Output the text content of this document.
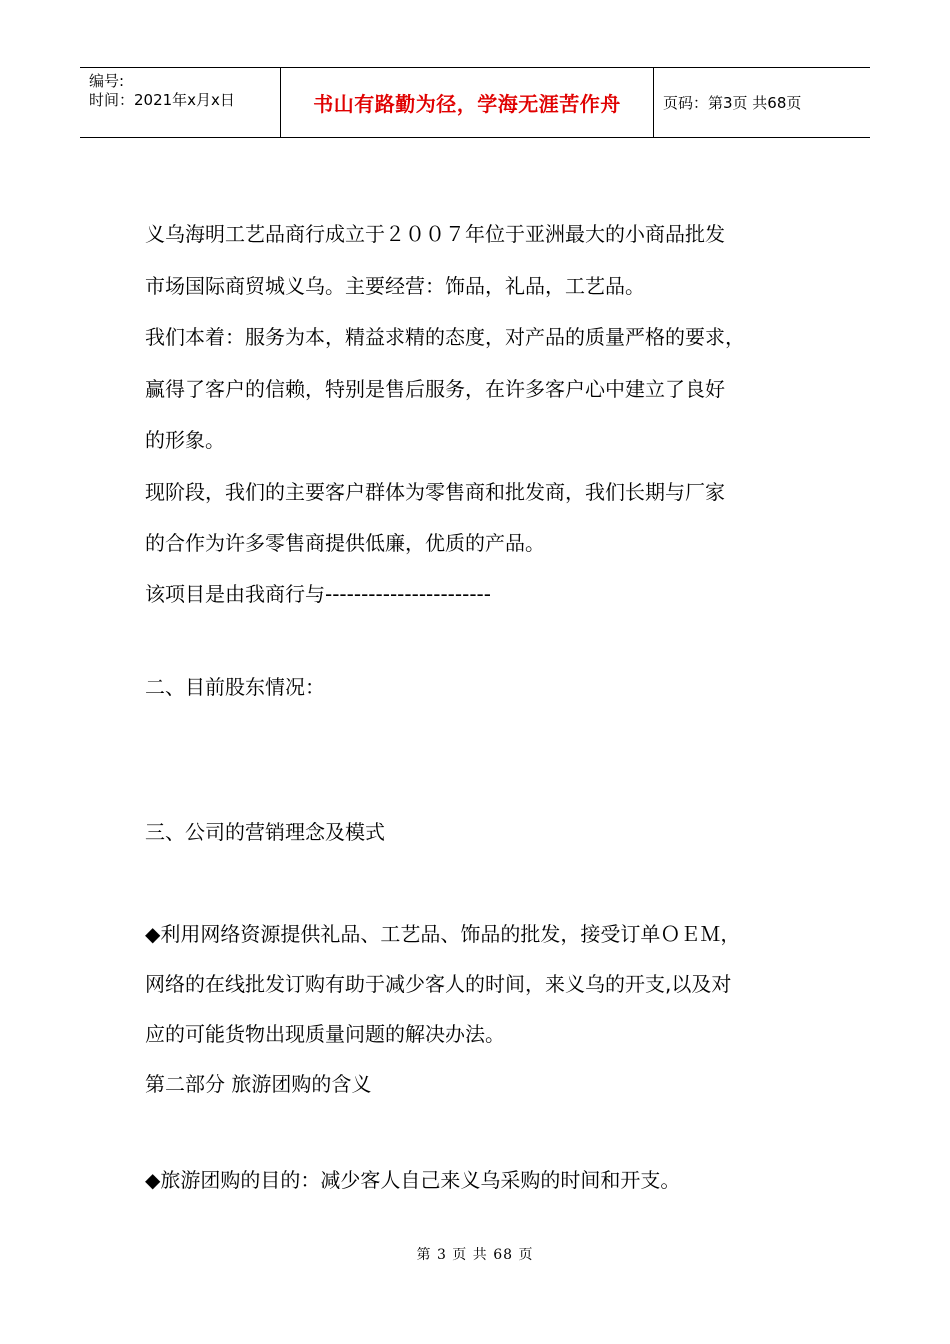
编号:
时间：2021年x月x日	书山有路勤为径，学海无涯苦作舟	页码：第3页 共68页
义乌海明工艺品商行成立于２００７年位于亚洲最大的小商品批发
市场国际商贸城义乌。主要经营：饰品，礼品，工艺品。
我们本着：服务为本，精益求精的态度，对产品的质量严格的要求，
赢得了客户的信赖，特别是售后服务，在许多客户心中建立了良好
的形象。
现阶段，我们的主要客户群体为零售商和批发商，我们长期与厂家
的合作为许多零售商提供低廉，优质的产品。
该项目是由我商行与-----------------------
二、目前股东情况：
三、公司的营销理念及模式
◆利用网络资源提供礼品、工艺品、饰品的批发，接受订单ＯＥＭ，
网络的在线批发订购有助于减少客人的时间，来义乌的开支,以及对
应的可能货物出现质量问题的解决办法。
第二部分 旅游团购的含义
◆旅游团购的目的：减少客人自己来义乌采购的时间和开支。
第 3 页 共 68 页
